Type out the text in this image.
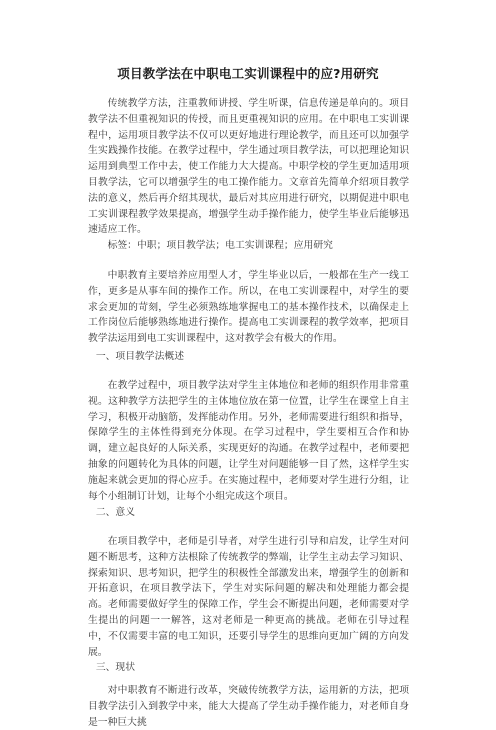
项目教学法在中职电工实训课程中的应?用研究

传统教学方法，注重教师讲授、学生听课，信息传递是单向的。项目教学法不但重视知识的传授，而且更重视知识的应用。在中职电工实训课程中，运用项目教学法不仅可以更好地进行理论教学，而且还可以加强学生实践操作技能。在教学过程中，学生通过项目教学法，可以把理论知识运用到典型工作中去，使工作能力大大提高。中职学校的学生更加适用项目教学法，它可以增强学生的电工操作能力。文章首先简单介绍项目教学法的意义，然后再介绍其现状，最后对其应用进行研究，以期促进中职电工实训课程教学效果提高，增强学生动手操作能力，使学生毕业后能够迅速适应工作。

标签：中职；项目教学法；电工实训课程；应用研究

中职教育主要培养应用型人才，学生毕业以后，一般都在生产一线工作，更多是从事车间的操作工作。所以，在电工实训课程中，对学生的要求会更加的苛刻，学生必须熟练地掌握电工的基本操作技术，以确保走上工作岗位后能够熟练地进行操作。提高电工实训课程的教学效率，把项目教学法运用到电工实训课程中，这对教学会有极大的作用。

一、项目教学法概述

在教学过程中，项目教学法对学生主体地位和老师的组织作用非常重视。这种教学方法把学生的主体地位放在第一位置，让学生在课堂上自主学习，积极开动脑筋，发挥能动作用。另外，老师需要进行组织和指导，保障学生的主体性得到充分体现。在学习过程中，学生要相互合作和协调，建立起良好的人际关系，实现更好的沟通。在教学过程中，老师要把抽象的问题转化为具体的问题，让学生对问题能够一目了然，这样学生实施起来就会更加的得心应手。在实施过程中，老师要对学生进行分组，让每个小组制订计划，让每个小组完成这个项目。

二、意义

在项目教学中，老师是引导者，对学生进行引导和启发，让学生对问题不断思考，这种方法根除了传统教学的弊端，让学生主动去学习知识、探索知识、思考知识，把学生的积极性全部激发出来，增强学生的创新和开拓意识，在项目教学法下，学生对实际问题的解决和处理能力都会提高。老师需要做好学生的保障工作，学生会不断提出问题，老师需要对学生提出的问题一一解答，这对老师是一种更高的挑战。老师在引导过程中，不仅需要丰富的电工知识，还要引导学生的思维向更加广阔的方向发展。

三、现状

对中职教育不断进行改革，突破传统教学方法，运用新的方法，把项目教学法引入到教学中来，能大大提高了学生动手操作能力，对老师自身是一种巨大挑
